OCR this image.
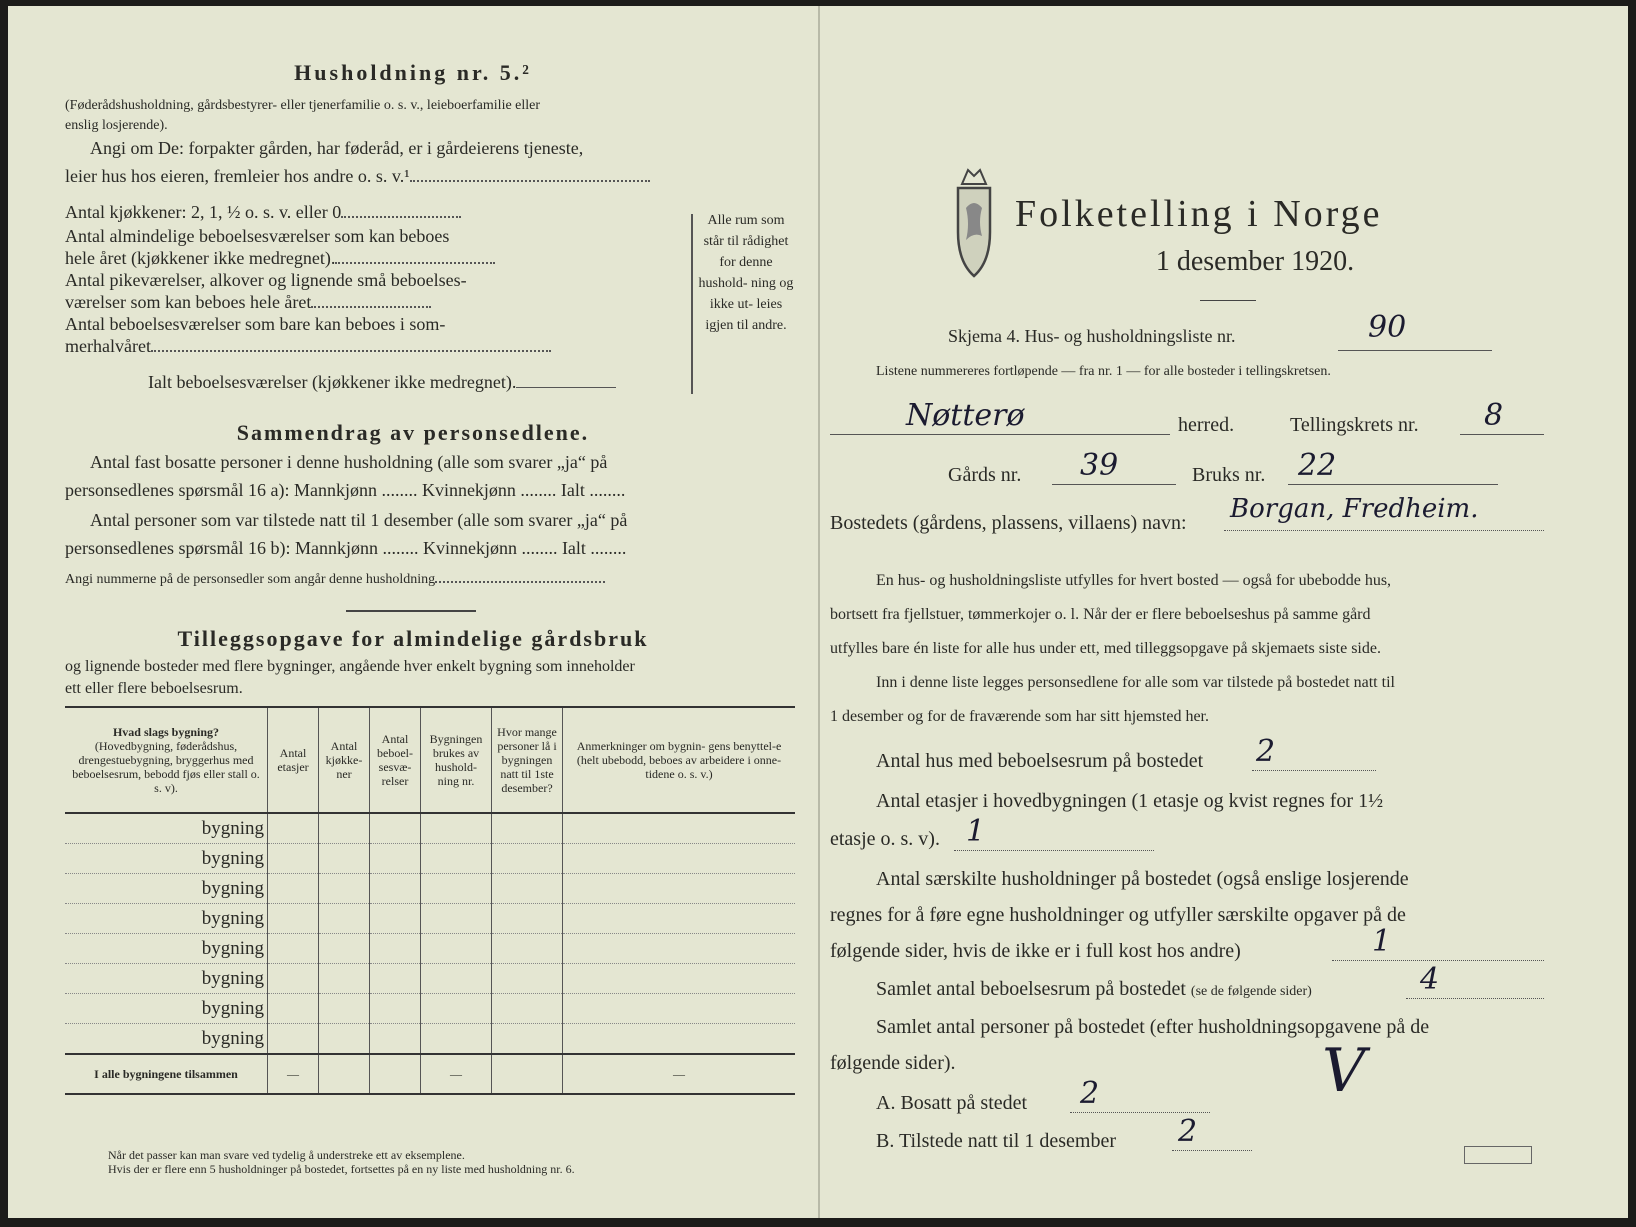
Husholdning nr. 5.²
(Føderådshusholdning, gårdsbestyrer- eller tjenerfamilie o. s. v., leieboerfamilie eller
enslig losjerende).
Angi om De: forpakter gården, har føderåd, er i gårdeierens tjeneste,
leier hus hos eieren, fremleier hos andre o. s. v.¹
Antal kjøkkener: 2, 1, ½ o. s. v. eller 0
Antal almindelige beboelsesværelser som kan beboes
hele året (kjøkkener ikke medregnet).
Antal pikeværelser, alkover og lignende små beboelses-
værelser som kan beboes hele året
Antal beboelsesværelser som bare kan beboes i som-
merhalvåret
Ialt beboelsesværelser (kjøkkener ikke medregnet).
Alle rum som står til rådighet for denne hushold- ning og ikke ut- leies igjen til andre.
Sammendrag av personsedlene.
Antal fast bosatte personer i denne husholdning (alle som svarer „ja“ på
personsedlenes spørsmål 16 a): Mannkjønn ........ Kvinnekjønn ........ Ialt ........
Antal personer som var tilstede natt til 1 desember (alle som svarer „ja“ på
personsedlenes spørsmål 16 b): Mannkjønn ........ Kvinnekjønn ........ Ialt ........
Angi nummerne på de personsedler som angår denne husholdning
Tilleggsopgave for almindelige gårdsbruk
og lignende bosteder med flere bygninger, angående hver enkelt bygning som inneholder
ett eller flere beboelsesrum.
Hvad slags bygning?
(Hovedbygning, føderådshus, drengestuebygning, bryggerhus med beboelsesrum, bebodd fjøs eller stall o. s. v).	Antal etasjer	Antal kjøkke- ner	Antal beboel- sesvæ- relser	Bygningen brukes av hushold- ning nr.	Hvor mange personer lå i bygningen natt til 1ste desember?	Anmerkninger om bygnin- gens benyttel-e (helt ubebodd, beboes av arbeidere i onne- tidene o. s. v.)

bygning						

bygning						

bygning						

bygning						

bygning						

bygning						

bygning						

bygning						

I alle bygningene tilsammen	—			—		—
Når det passer kan man svare ved tydelig å understreke ett av eksemplene.
Hvis der er flere enn 5 husholdninger på bostedet, fortsettes på en ny liste med husholdning nr. 6.
Folketelling i Norge
1 desember 1920.
Skjema 4. Hus- og husholdningsliste nr.	90
Listene nummereres fortløpende — fra nr. 1 — for alle bosteder i tellingskretsen.
Nøtterø	herred.	Tellingskrets nr. 8
Gårds nr. 39	Bruks nr. 22
Bostedets (gårdens, plassens, villaens) navn: Borgan, Fredheim.
En hus- og husholdningsliste utfylles for hvert bosted — også for ubebodde hus,
bortsett fra fjellstuer, tømmerkojer o. l. Når der er flere beboelseshus på samme gård
utfylles bare én liste for alle hus under ett, med tilleggsopgave på skjemaets siste side.
Inn i denne liste legges personsedlene for alle som var tilstede på bostedet natt til
1 desember og for de fraværende som har sitt hjemsted her.
Antal hus med beboelsesrum på bostedet 2
Antal etasjer i hovedbygningen (1 etasje og kvist regnes for 1½
etasje o. s. v). 1
Antal særskilte husholdninger på bostedet (også enslige losjerende
regnes for å føre egne husholdninger og utfyller særskilte opgaver på de
følgende sider, hvis de ikke er i full kost hos andre)	1
Samlet antal beboelsesrum på bostedet (se de følgende sider)	4
Samlet antal personer på bostedet (efter husholdningsopgavene på de
følgende sider).
A. Bosatt på stedet 2
B. Tilstede natt til 1 desember 2
V
